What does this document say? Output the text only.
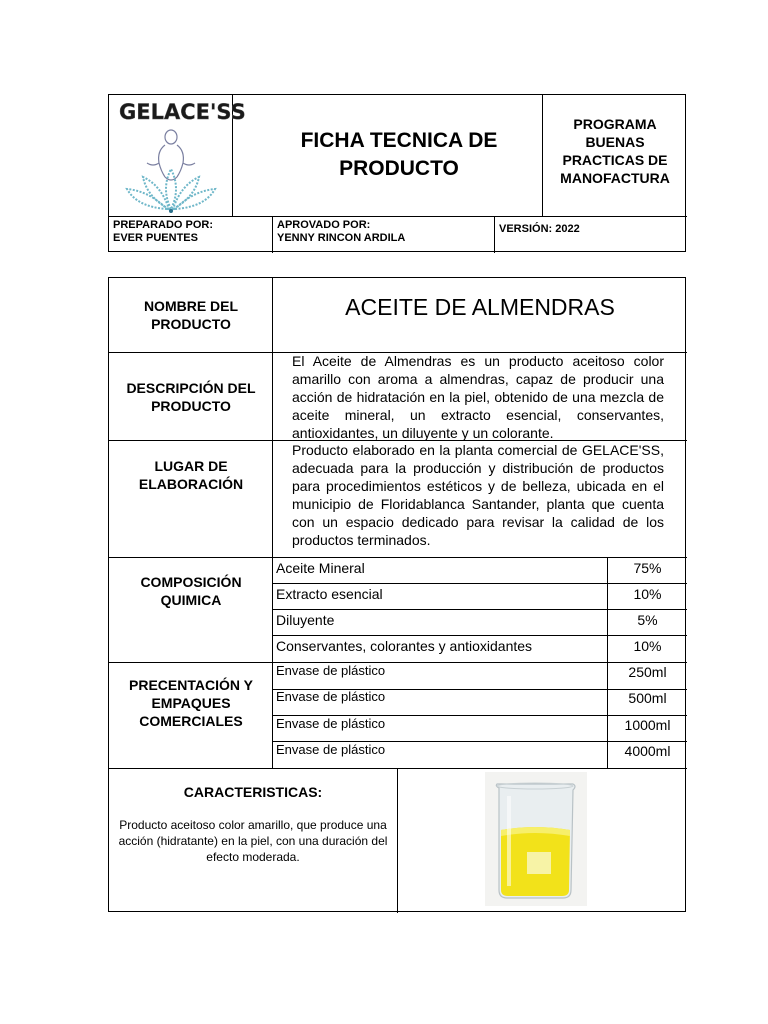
GELACE'SS
FICHA TECNICA DE PRODUCTO
PROGRAMA BUENAS PRACTICAS DE MANOFACTURA
PREPARADO POR:
EVER PUENTES
APROVADO POR:
YENNY RINCON ARDILA
VERSIÓN: 2022
NOMBRE DEL PRODUCTO
ACEITE DE ALMENDRAS
DESCRIPCIÓN DEL PRODUCTO
El Aceite de Almendras es un producto aceitoso color amarillo con aroma a almendras, capaz de producir una acción de hidratación en la piel, obtenido de una mezcla de aceite mineral, un extracto esencial, conservantes, antioxidantes, un diluyente y un colorante.
LUGAR DE ELABORACIÓN
Producto elaborado en la planta comercial de GELACE'SS, adecuada para la producción y distribución de productos para procedimientos estéticos y de belleza, ubicada en el municipio de Floridablanca Santander, planta que cuenta con un espacio dedicado para revisar la calidad de los productos terminados.
COMPOSICIÓN QUIMICA
Aceite Mineral	75%
Extracto esencial	10%
Diluyente	5%
Conservantes, colorantes y antioxidantes	10%
PRECENTACIÓN Y EMPAQUES COMERCIALES
Envase de plástico	250ml
Envase de plástico	500ml
Envase de plástico	1000ml
Envase de plástico	4000ml
CARACTERISTICAS:
Producto aceitoso color amarillo, que produce una acción (hidratante) en la piel, con una duración del efecto moderada.
